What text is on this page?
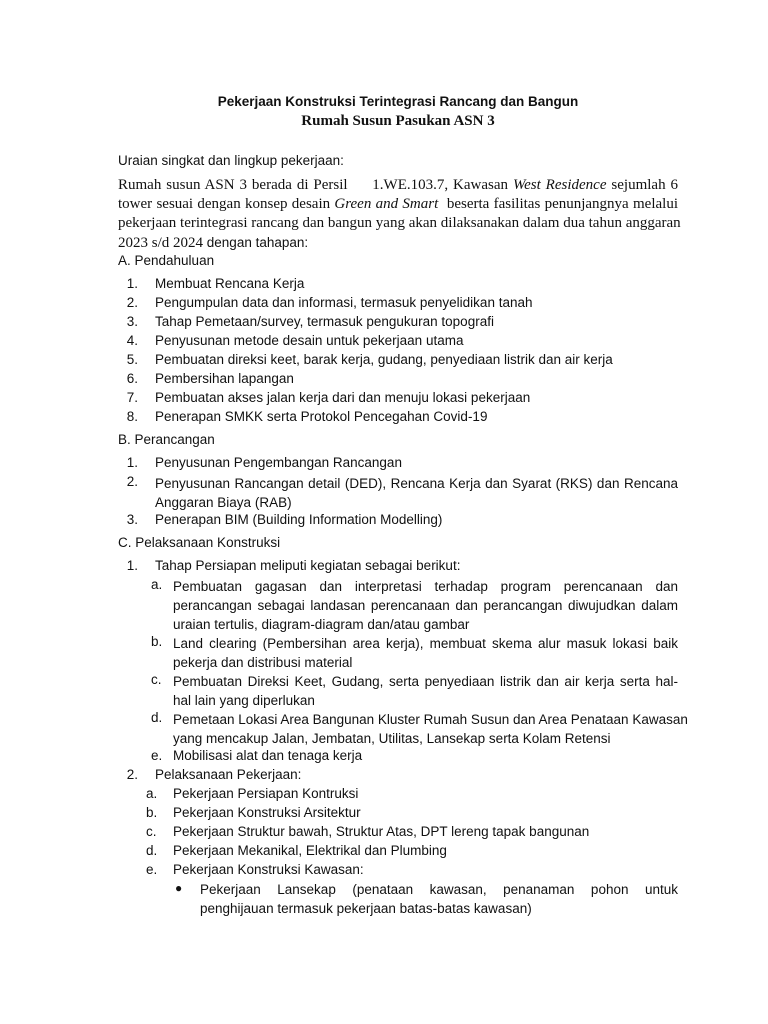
Pekerjaan Konstruksi Terintegrasi Rancang dan Bangun
Rumah Susun Pasukan ASN 3
Uraian singkat dan lingkup pekerjaan:
Rumah susun ASN 3 berada di Persil 1.WE.103.7, Kawasan West Residence sejumlah 6
tower sesuai dengan konsep desain Green and Smart beserta fasilitas penunjangnya melalui
pekerjaan terintegrasi rancang dan bangun yang akan dilaksanakan dalam dua tahun anggaran
2023 s/d 2024 dengan tahapan:
A. Pendahuluan
1. Membuat Rencana Kerja
2. Pengumpulan data dan informasi, termasuk penyelidikan tanah
3. Tahap Pemetaan/survey, termasuk pengukuran topografi
4. Penyusunan metode desain untuk pekerjaan utama
5. Pembuatan direksi keet, barak kerja, gudang, penyediaan listrik dan air kerja
6. Pembersihan lapangan
7. Pembuatan akses jalan kerja dari dan menuju lokasi pekerjaan
8. Penerapan SMKK serta Protokol Pencegahan Covid-19
B. Perancangan
1. Penyusunan Pengembangan Rancangan
2. Penyusunan Rancangan detail (DED), Rencana Kerja dan Syarat (RKS) dan Rencana
Anggaran Biaya (RAB)
3. Penerapan BIM (Building Information Modelling)
C. Pelaksanaan Konstruksi
1. Tahap Persiapan meliputi kegiatan sebagai berikut:
a. Pembuatan gagasan dan interpretasi terhadap program perencanaan dan
perancangan sebagai landasan perencanaan dan perancangan diwujudkan dalam
uraian tertulis, diagram-diagram dan/atau gambar
b. Land clearing (Pembersihan area kerja), membuat skema alur masuk lokasi baik
pekerja dan distribusi material
c. Pembuatan Direksi Keet, Gudang, serta penyediaan listrik dan air kerja serta hal-
hal lain yang diperlukan
d. Pemetaan Lokasi Area Bangunan Kluster Rumah Susun dan Area Penataan Kawasan
yang mencakup Jalan, Jembatan, Utilitas, Lansekap serta Kolam Retensi
e. Mobilisasi alat dan tenaga kerja
2. Pelaksanaan Pekerjaan:
a. Pekerjaan Persiapan Kontruksi
b. Pekerjaan Konstruksi Arsitektur
c. Pekerjaan Struktur bawah, Struktur Atas, DPT lereng tapak bangunan
d. Pekerjaan Mekanikal, Elektrikal dan Plumbing
e. Pekerjaan Konstruksi Kawasan:
● Pekerjaan Lansekap (penataan kawasan, penanaman pohon untuk
penghijauan termasuk pekerjaan batas-batas kawasan)
